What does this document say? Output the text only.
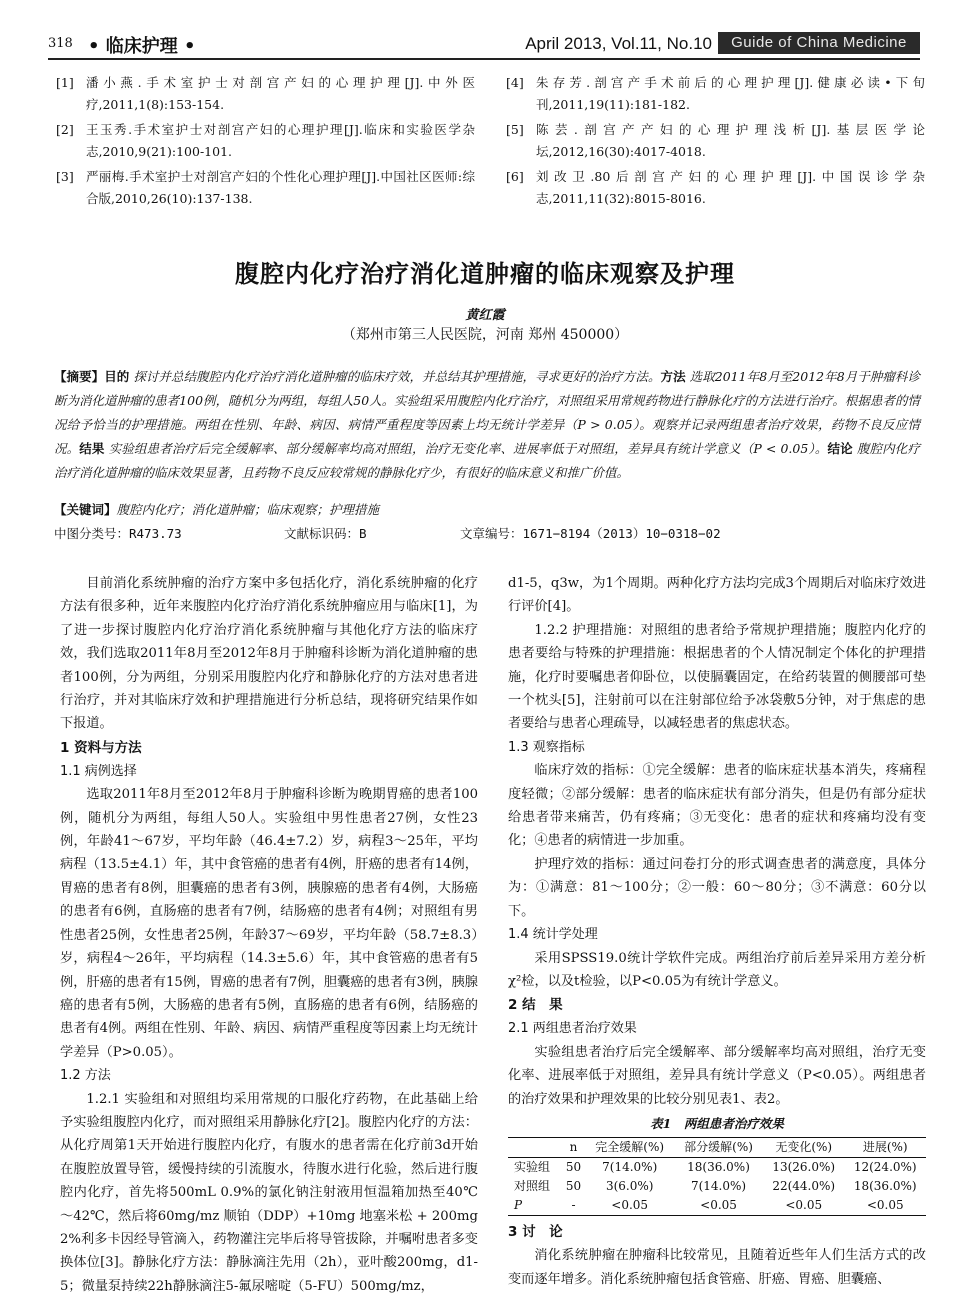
318 • 临床护理 •	April 2013, Vol.11, No.10	Guide of China Medicine
[1] 潘小燕.手术室护士对剖宫产妇的心理护理[J].中外医疗,2011,1(8):153-154.
[2] 王玉秀.手术室护士对剖宫产妇的心理护理[J].临床和实验医学杂志,2010,9(21):100-101.
[3] 严丽梅.手术室护士对剖宫产妇的个性化心理护理[J].中国社区医师:综合版,2010,26(10):137-138.
[4] 朱存芳.剖宫产手术前后的心理护理[J].健康必读•下旬刊,2011,19(11):181-182.
[5] 陈芸.剖宫产产妇的心理护理浅析[J].基层医学论坛,2012,16(30):4017-4018.
[6] 刘改卫.80后剖宫产妇的心理护理[J].中国误诊学杂志,2011,11(32):8015-8016.
腹腔内化疗治疗消化道肿瘤的临床观察及护理
黄红霞
（郑州市第三人民医院，河南 郑州 450000）
【摘要】目的 探讨并总结腹腔内化疗治疗消化道肿瘤的临床疗效，并总结其护理措施，寻求更好的治疗方法。方法 选取2011年8月至2012年8月于肿瘤科诊断为消化道肿瘤的患者100例，随机分为两组，每组人50人。实验组采用腹腔内化疗治疗，对照组采用常规药物进行静脉化疗的方法进行治疗。根据患者的情况给予恰当的护理措施。两组在性别、年龄、病因、病情严重程度等因素上均无统计学差异（P > 0.05）。观察并记录两组患者治疗效果，药物不良反应情况。结果 实验组患者治疗后完全缓解率、部分缓解率均高对照组，治疗无变化率、进展率低于对照组，差异具有统计学意义（P < 0.05）。结论 腹腔内化疗治疗消化道肿瘤的临床效果显著，且药物不良反应较常规的静脉化疗少，有很好的临床意义和推广价值。
【关键词】腹腔内化疗；消化道肿瘤；临床观察；护理措施
中图分类号：R473.73	文献标识码：B	文章编号：1671−8194（2013）10−0318−02

目前消化系统肿瘤的治疗方案中多包括化疗，消化系统肿瘤的化疗方法有很多种，近年来腹腔内化疗治疗消化系统肿瘤应用与临床[1]，为了进一步探讨腹腔内化疗治疗消化系统肿瘤与其他化疗方法的临床疗效，我们选取2011年8月至2012年8月于肿瘤科诊断为消化道肿瘤的患者100例，分为两组，分别采用腹腔内化疗和静脉化疗的方法对患者进行治疗，并对其临床疗效和护理措施进行分析总结，现将研究结果作如下报道。

1 资料与方法
1.1 病例选择

选取2011年8月至2012年8月于肿瘤科诊断为晚期胃癌的患者100例，随机分为两组，每组人50人。实验组中男性患者27例，女性23例，年龄41～67岁，平均年龄（46.4±7.2）岁，病程3～25年，平均病程（13.5±4.1）年，其中食管癌的患者有4例，肝癌的患者有14例，胃癌的患者有8例，胆囊癌的患者有3例，胰腺癌的患者有4例，大肠癌的患者有6例，直肠癌的患者有7例，结肠癌的患者有4例；对照组有男性患者25例，女性患者25例，年龄37～69岁，平均年龄（58.7±8.3）岁，病程4～26年，平均病程（14.3±5.6）年，其中食管癌的患者有5例，肝癌的患者有15例，胃癌的患者有7例，胆囊癌的患者有3例，胰腺癌的患者有5例，大肠癌的患者有5例，直肠癌的患者有6例，结肠癌的患者有4例。两组在性别、年龄、病因、病情严重程度等因素上均无统计学差异（P>0.05）。

1.2 方法

1.2.1 实验组和对照组均采用常规的口服化疗药物，在此基础上给予实验组腹腔内化疗，而对照组采用静脉化疗[2]。腹腔内化疗的方法：从化疗周第1天开始进行腹腔内化疗，有腹水的患者需在化疗前3d开始在腹腔放置导管，缓慢持续的引流腹水，待腹水进行化验，然后进行腹腔内化疗，首先将500mL 0.9%的氯化钠注射液用恒温箱加热至40℃～42℃，然后将60mg/mz 顺铂（DDP）+10mg 地塞米松 + 200mg 2%利多卡因经导管滴入，药物灌注完毕后将导管拔除，并嘱咐患者多变换体位[3]。静脉化疗方法：静脉滴注先用（2h），亚叶酸200mg，d1-5；微量泵持续22h静脉滴注5-氟尿嘧啶（5-FU）500mg/mz，

d1-5，q3w，为1个周期。两种化疗方法均完成3个周期后对临床疗效进行评价[4]。

1.2.2 护理措施：对照组的患者给予常规护理措施；腹腔内化疗的患者要给与特殊的护理措施：根据患者的个人情况制定个体化的护理措施，化疗时要嘱患者仰卧位，以使膈囊固定，在给药装置的侧腰部可垫一个枕头[5]，注射前可以在注射部位给予冰袋敷5分钟，对于焦虑的患者要给与患者心理疏导，以减轻患者的焦虑状态。

1.3 观察指标

临床疗效的指标：①完全缓解：患者的临床症状基本消失，疼痛程度轻微；②部分缓解：患者的临床症状有部分消失，但是仍有部分症状给患者带来痛苦，仍有疼痛；③无变化：患者的症状和疼痛均没有变化；④患者的病情进一步加重。

护理疗效的指标：通过问卷打分的形式调查患者的满意度，具体分为：①满意：81～100分；②一般：60～80分；③不满意：60分以下。

1.4 统计学处理

采用SPSS19.0统计学软件完成。两组治疗前后差异采用方差分析χ²检，以及t检验，以P<0.05为有统计学意义。

2 结　果
2.1 两组患者治疗效果

实验组患者治疗后完全缓解率、部分缓解率均高对照组，治疗无变化率、进展率低于对照组，差异具有统计学意义（P<0.05）。两组患者的治疗效果和护理效果的比较分别见表1、表2。

表1　两组患者治疗效果
	n	完全缓解(%)	部分缓解(%)	无变化(%)	进展(%)
实验组	50	7(14.0%)	18(36.0%)	13(26.0%)	12(24.0%)
对照组	50	3(6.0%)	7(14.0%)	22(44.0%)	18(36.0%)
P	-	<0.05	<0.05	<0.05	<0.05
3 讨　论

消化系统肿瘤在肿瘤科比较常见，且随着近些年人们生活方式的改变而逐年增多。消化系统肿瘤包括食管癌、肝癌、胃癌、胆囊癌、
